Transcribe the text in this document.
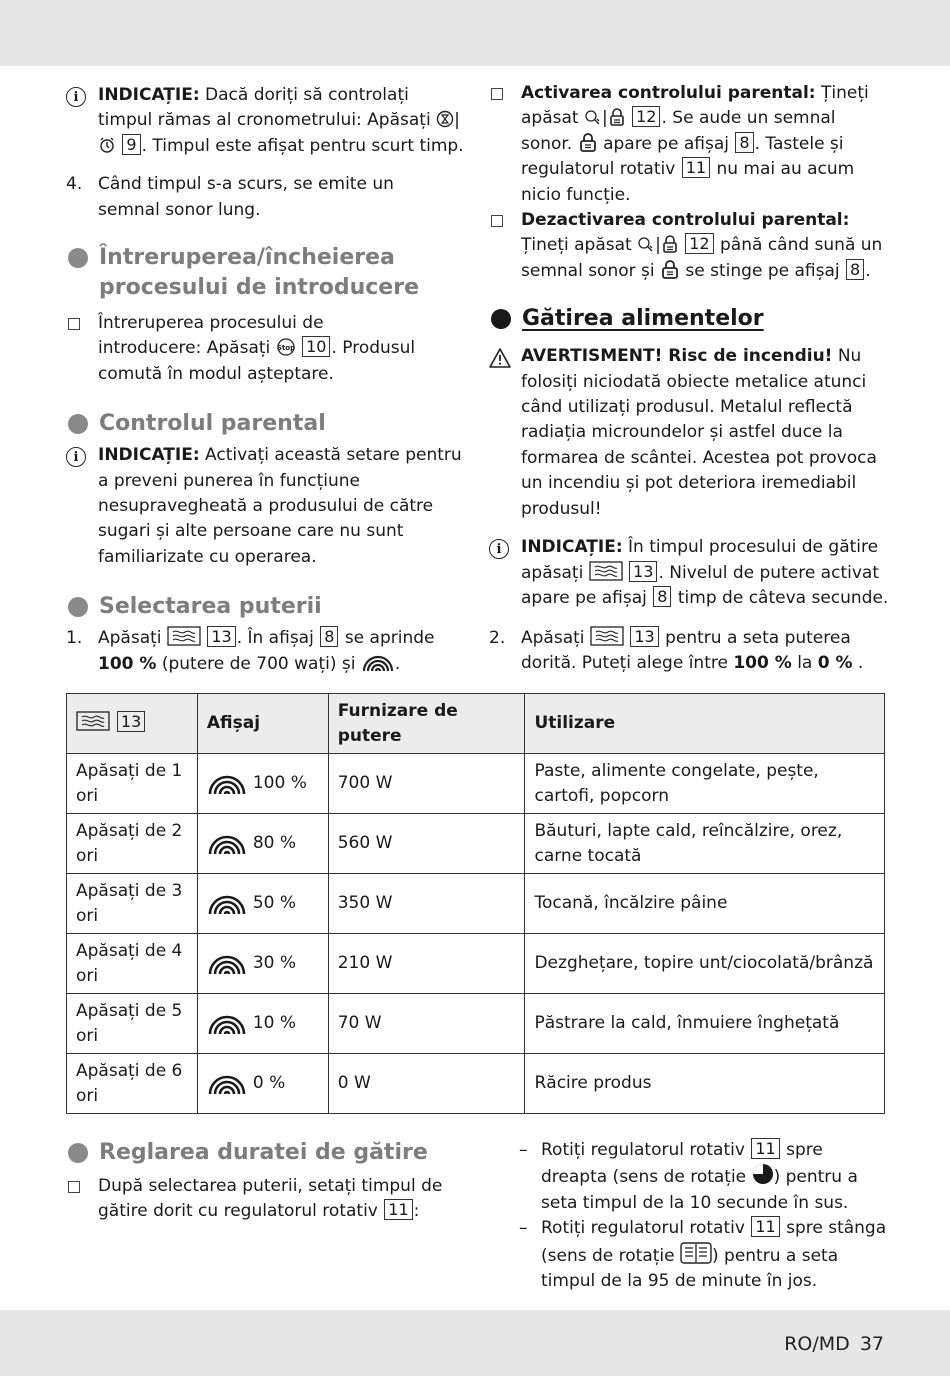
i	INDICAȚIE: Dacă doriți să controlați timpul rămas al cronometrului: Apăsați | 9 . Timpul este afișat pentru scurt timp.
4. Când timpul s-a scurs, se emite un semnal sonor lung.
Întreruperea/încheierea
procesului de introducere
Întreruperea procesului de introducere: Apăsați Stop 10 . Produsul comută în modul așteptare.
Controlul parental
i	INDICAȚIE: Activați această setare pentru a preveni punerea în funcțiune nesupravegheată a produsului de către sugari și alte persoane care nu sunt familiarizate cu operarea.
Selectarea puterii
1. Apăsați	13 . În afișaj 8 se aprinde 100 % (putere de 700 wați) și .
Activarea controlului parental: Țineți apăsat | 12 . Se aude un semnal sonor. apare pe afișaj 8 . Tastele și regulatorul rotativ 11 nu mai au acum nicio funcție.
Dezactivarea controlului parental: Țineți apăsat | 12 până când sună un semnal sonor și se stinge pe afișaj 8 .
Gătirea alimentelor
AVERTISMENT! Risc de incendiu! Nu folosiți niciodată obiecte metalice atunci când utilizați produsul. Metalul reflectă radiația microundelor și astfel duce la formarea de scântei. Acestea pot provoca un incendiu și pot deteriora iremediabil produsul!
i	INDICAȚIE: În timpul procesului de gătire apăsați	13 . Nivelul de putere activat apare pe afișaj 8 timp de câteva secunde.
2. Apăsați	13 pentru a seta puterea dorită. Puteți alege între 100 % la 0 % .
13	Afișaj	Furnizare de putere	Utilizare
Apăsați de 1 ori	100 %	700 W	Paste, alimente congelate, pește, cartofi, popcorn
Apăsați de 2 ori	80 %	560 W	Băuturi, lapte cald, reîncălzire, orez, carne tocată
Apăsați de 3 ori	50 %	350 W	Tocană, încălzire pâine
Apăsați de 4 ori	30 %	210 W	Dezghețare, topire unt/ciocolată/brânză
Apăsați de 5 ori	10 %	70 W	Păstrare la cald, înmuiere înghețată
Apăsați de 6 ori	0 %	0 W	Răcire produs
Reglarea duratei de gătire
După selectarea puterii, setați timpul de gătire dorit cu regulatorul rotativ 11 :
– Rotiți regulatorul rotativ 11 spre dreapta (sens de rotație ) pentru a seta timpul de la 10 secunde în sus.
– Rotiți regulatorul rotativ 11 spre stânga (sens de rotație ) pentru a seta timpul de la 95 de minute în jos.
RO/MD 37
